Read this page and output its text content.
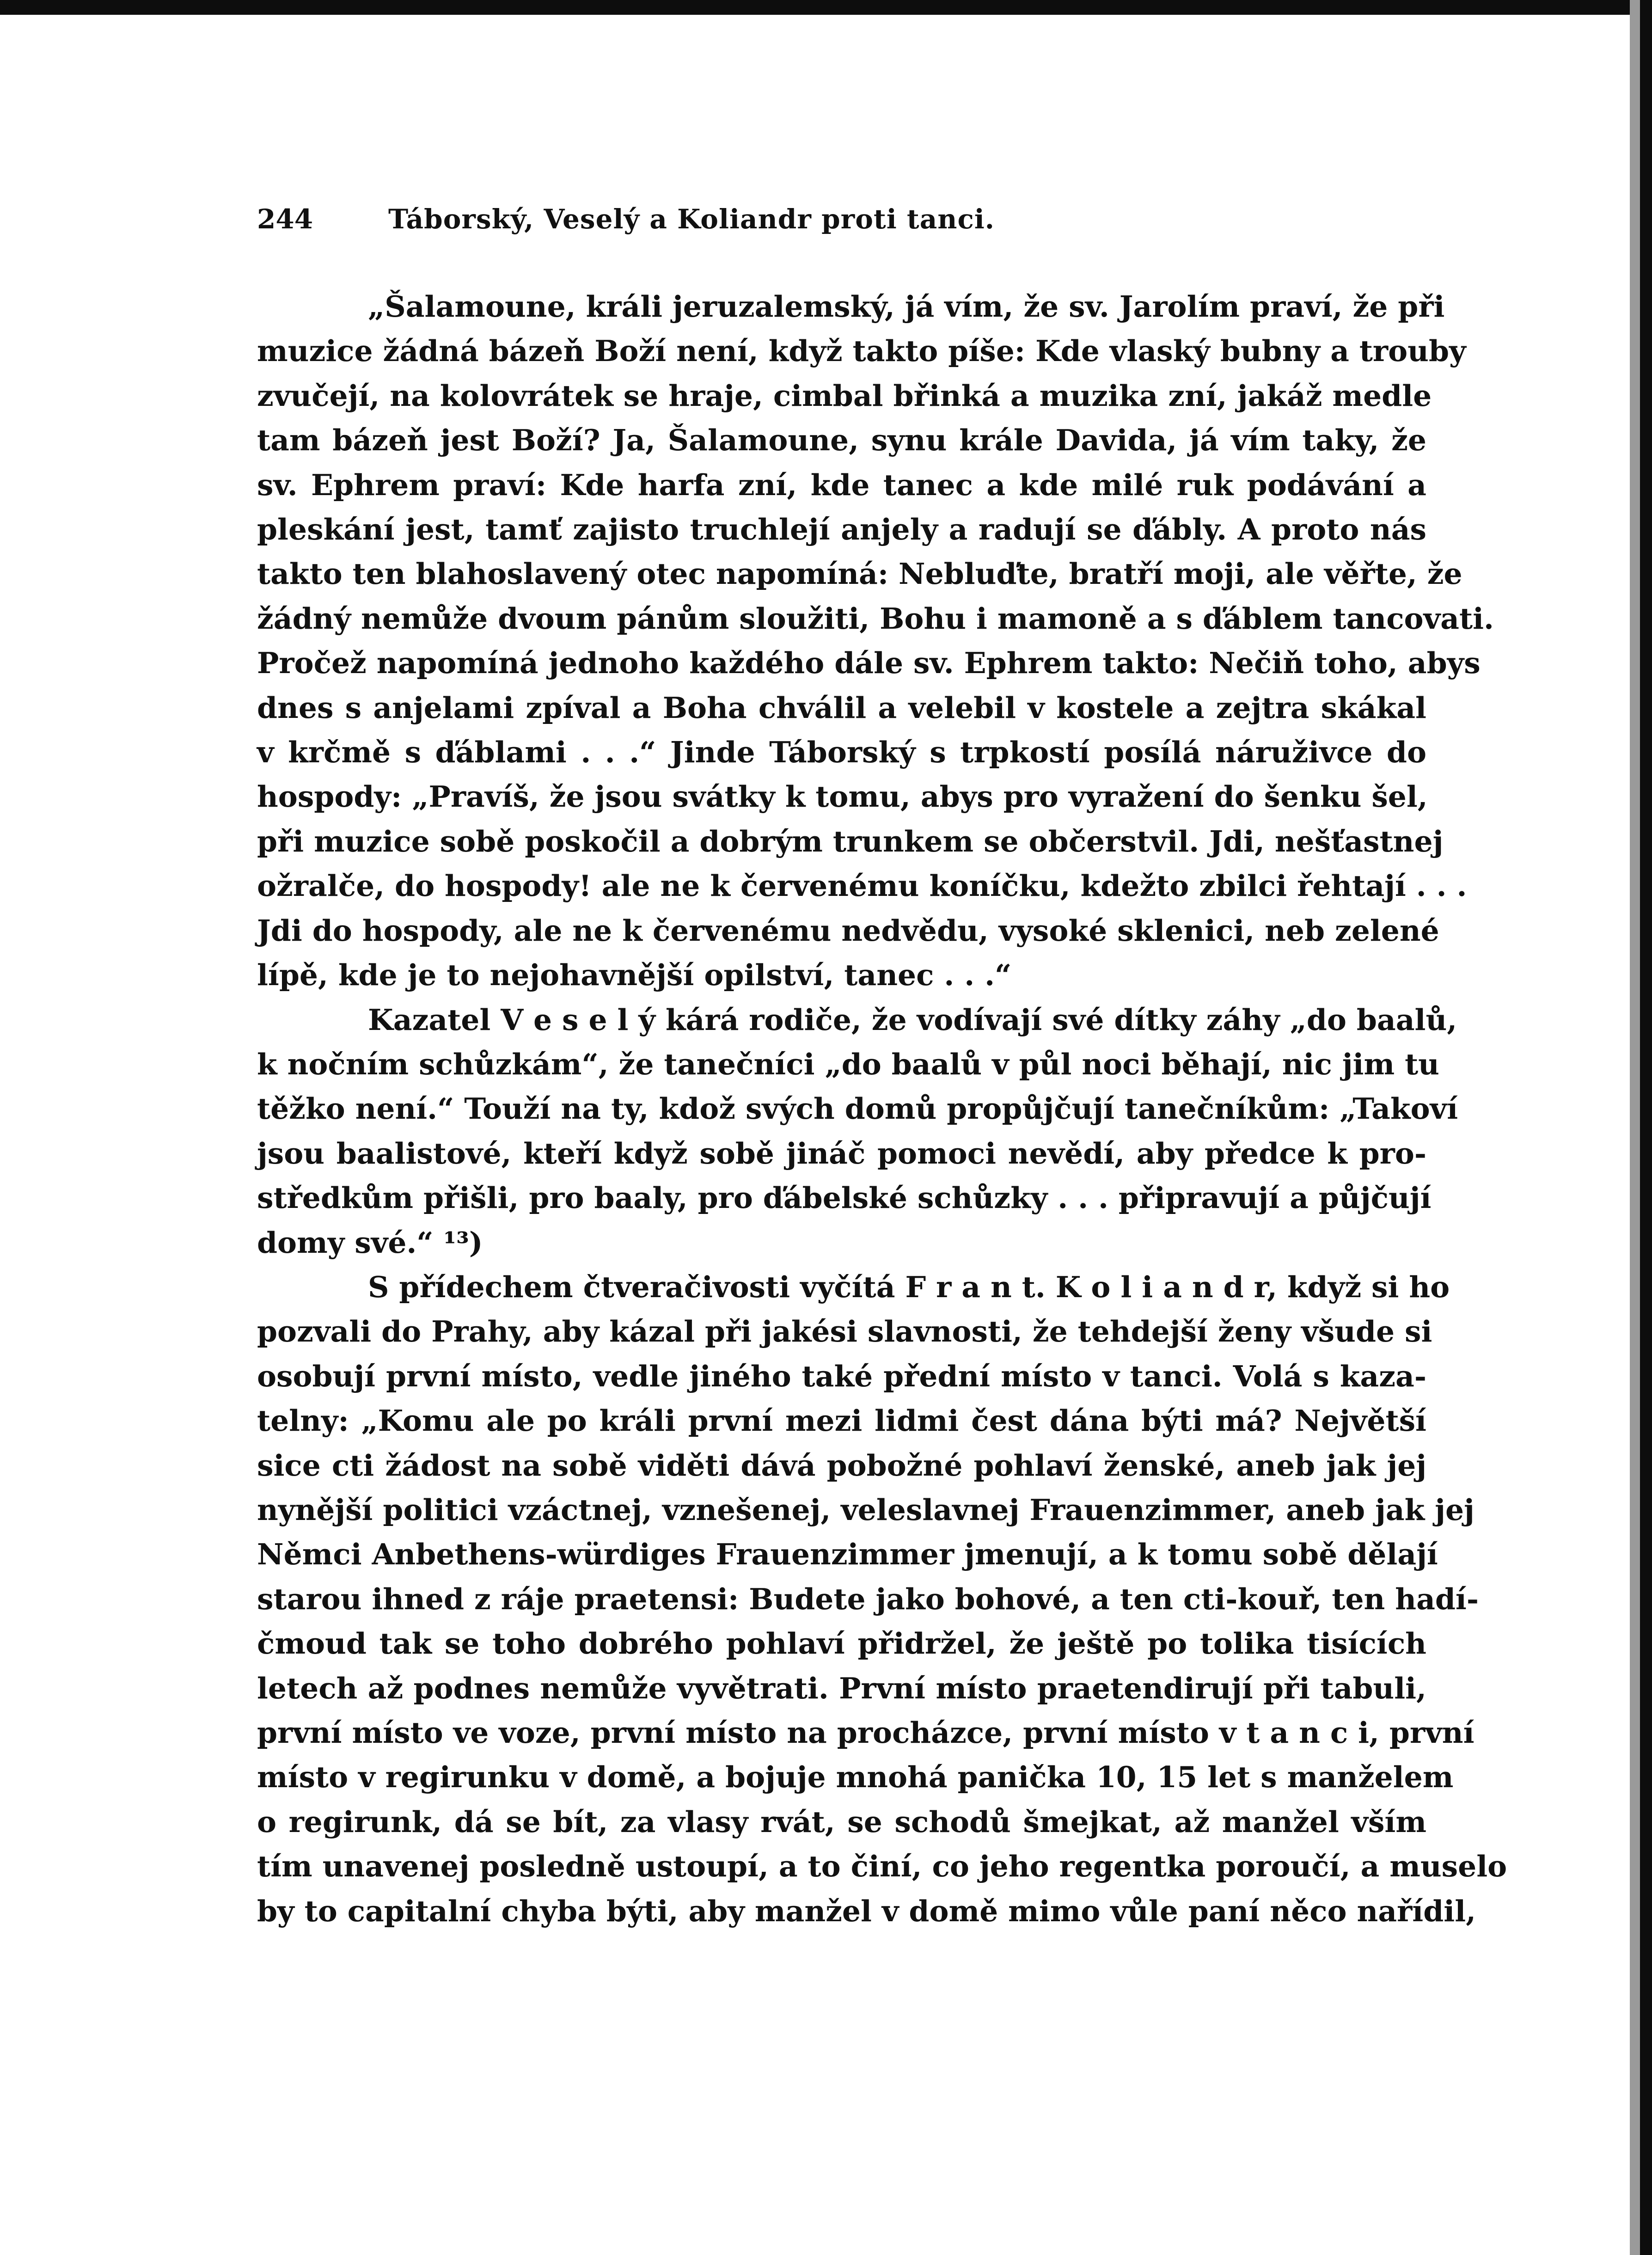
244	Táborský, Veselý a Koliandr proti tanci.
„Šalamoune, králi jeruzalemský, já vím, že sv. Jarolím praví, že při
muzice žádná bázeň Boží není, když takto píše: Kde vlaský bubny a trouby
zvučejí, na kolovrátek se hraje, cimbal břinká a muzika zní, jakáž medle
tam bázeň jest Boží? Ja, Šalamoune, synu krále Davida, já vím taky, že
sv. Ephrem praví: Kde harfa zní, kde tanec a kde milé ruk podávání a
pleskání jest, tamť zajisto truchlejí anjely a radují se ďábly. A proto nás
takto ten blahoslavený otec napomíná: Nebluďte, bratří moji, ale věřte, že
žádný nemůže dvoum pánům sloužiti, Bohu i mamoně a s ďáblem tancovati.
Pročež napomíná jednoho každého dále sv. Ephrem takto: Nečiň toho, abys
dnes s anjelami zpíval a Boha chválil a velebil v kostele a zejtra skákal
v krčmě s ďáblami . . .“ Jinde Táborský s trpkostí posílá náruživce do
hospody: „Pravíš, že jsou svátky k tomu, abys pro vyražení do šenku šel,
při muzice sobě poskočil a dobrým trunkem se občerstvil. Jdi, nešťastnej
ožralče, do hospody! ale ne k červenému koníčku, kdežto zbilci řehtají . . .
Jdi do hospody, ale ne k červenému nedvědu, vysoké sklenici, neb zelené
lípě, kde je to nejohavnější opilství, tanec . . .“
Kazatel V e s e l ý kárá rodiče, že vodívají své dítky záhy „do baalů,
k nočním schůzkám“, že tanečníci „do baalů v půl noci běhají, nic jim tu
těžko není.“ Touží na ty, kdož svých domů propůjčují tanečníkům: „Takoví
jsou baalistové, kteří když sobě jináč pomoci nevědí, aby předce k pro-
středkům přišli, pro baaly, pro ďábelské schůzky . . . připravují a půjčují
domy své.“ ¹³)
S přídechem čtveračivosti vyčítá F r a n t. K o l i a n d r, když si ho
pozvali do Prahy, aby kázal při jakési slavnosti, že tehdejší ženy všude si
osobují první místo, vedle jiného také přední místo v tanci. Volá s kaza-
telny: „Komu ale po králi první mezi lidmi čest dána býti má? Největší
sice cti žádost na sobě viděti dává pobožné pohlaví ženské, aneb jak jej
nynější politici vzáctnej, vznešenej, veleslavnej Frauenzimmer, aneb jak jej
Němci Anbethens-würdiges Frauenzimmer jmenují, a k tomu sobě dělají
starou ihned z ráje praetensi: Budete jako bohové, a ten cti-kouř, ten hadí-
čmoud tak se toho dobrého pohlaví přidržel, že ještě po tolika tisících
letech až podnes nemůže vyvětrati. První místo praetendirují při tabuli,
první místo ve voze, první místo na procházce, první místo v t a n c i, první
místo v regirunku v domě, a bojuje mnohá panička 10, 15 let s manželem
o regirunk, dá se bít, za vlasy rvát, se schodů šmejkat, až manžel vším
tím unavenej posledně ustoupí, a to činí, co jeho regentka poroučí, a muselo
by to capitalní chyba býti, aby manžel v domě mimo vůle paní něco nařídil,
